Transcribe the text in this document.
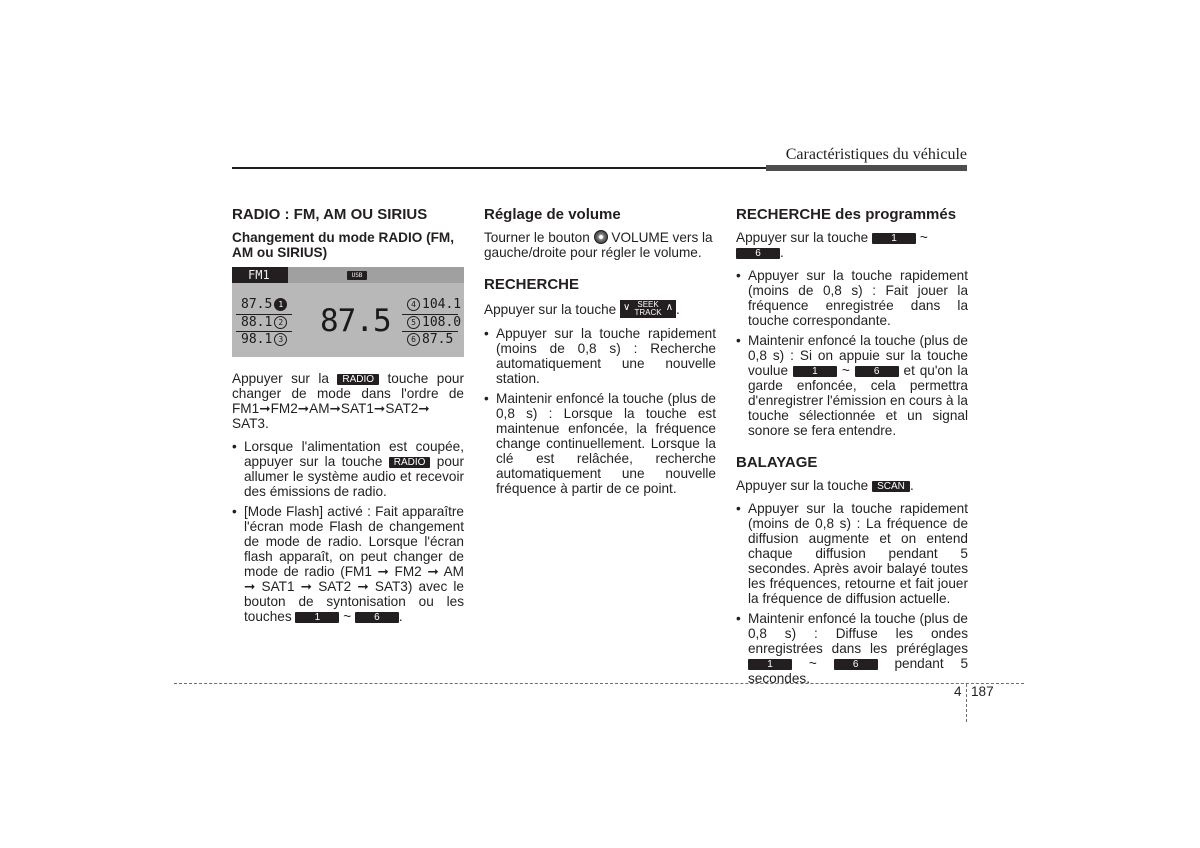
Caractéristiques du véhicule
RADIO : FM, AM OU SIRIUS
Changement du mode RADIO (FM, AM ou SIRIUS)
FM1	USB
87.5
87.5 1
88.1 2
98.1 3
4 104.1
5 108.0
6 87.5

Appuyer sur la RADIO touche pour changer de mode dans l'ordre de FM1➞FM2➞AM➞SAT1➞SAT2➞ SAT3.

• Lorsque l'alimentation est coupée, appuyer sur la touche RADIO pour allumer le système audio et recevoir des émissions de radio.
• [Mode Flash] activé : Fait apparaître l'écran mode Flash de changement de mode de radio. Lorsque l'écran flash apparaît, on peut changer de mode de radio (FM1 ➞ FM2 ➞ AM ➞ SAT1 ➞ SAT2 ➞ SAT3) avec le bouton de syntonisation ou les touches 1 ~ 6 .
Réglage de volume

Tourner le bouton VOLUME vers la gauche/droite pour régler le volume.

RECHERCHE

Appuyer sur la touche ∨ SEEK
TRACK ∧ .

• Appuyer sur la touche rapidement (moins de 0,8 s) : Recherche automatiquement une nouvelle station.
• Maintenir enfoncé la touche (plus de 0,8 s) : Lorsque la touche est maintenue enfoncée, la fréquence change continuellement. Lorsque la clé est relâchée, recherche automatiquement une nouvelle fréquence à partir de ce point.
RECHERCHE des programmés

Appuyer sur la touche 1 ~ 6 .

• Appuyer sur la touche rapidement (moins de 0,8 s) : Fait jouer la fréquence enregistrée dans la touche correspondante.
• Maintenir enfoncé la touche (plus de 0,8 s) : Si on appuie sur la touche voulue 1 ~ 6 et qu'on la garde enfoncée, cela permettra d'enregistrer l'émission en cours à la touche sélectionnée et un signal sonore se fera entendre.
BALAYAGE

Appuyer sur la touche SCAN .

• Appuyer sur la touche rapidement (moins de 0,8 s) : La fréquence de diffusion augmente et on entend chaque diffusion pendant 5 secondes. Après avoir balayé toutes les fréquences, retourne et fait jouer la fréquence de diffusion actuelle.
• Maintenir enfoncé la touche (plus de 0,8 s) : Diffuse les ondes enregistrées dans les préréglages 1	~	6	pendant 5 secondes.
4 187
